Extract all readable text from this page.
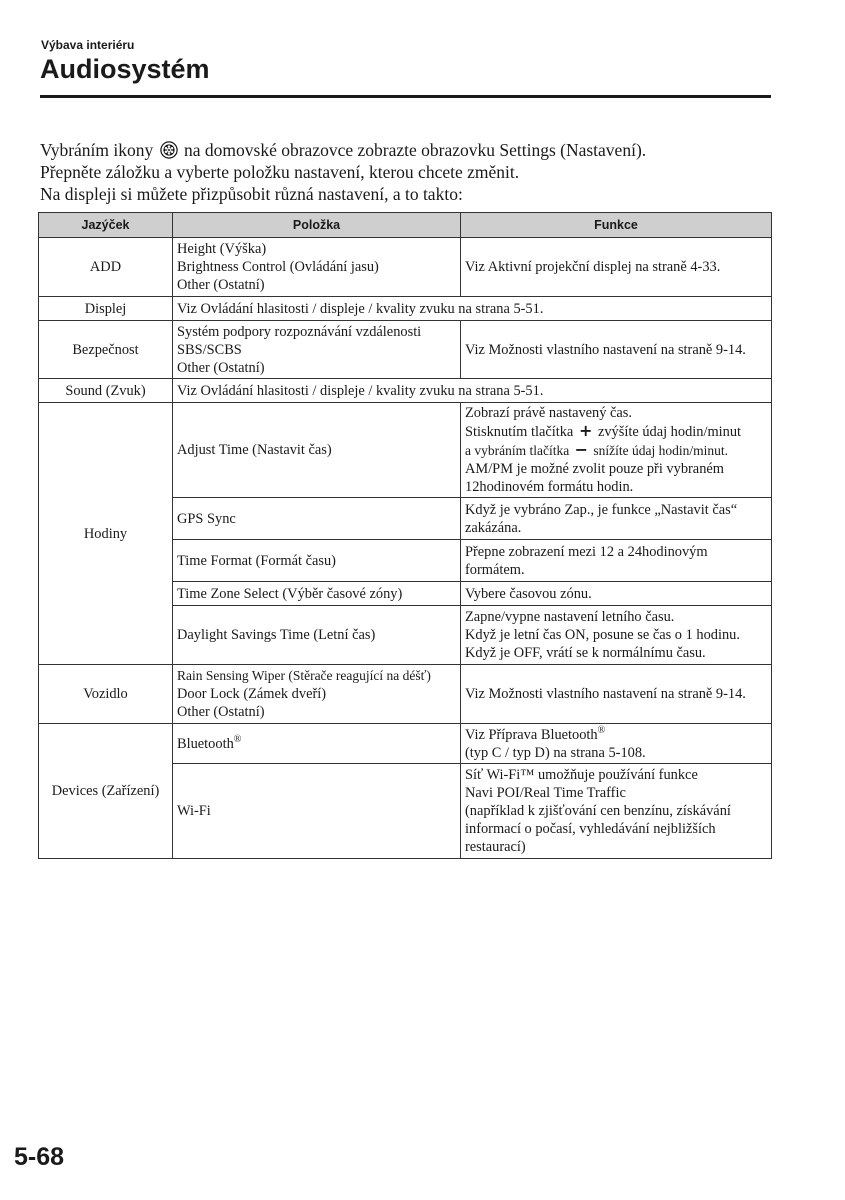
Výbava interiéru
Audiosystém

Vybráním ikony na domovské obrazovce zobrazte obrazovku Settings (Nastavení).

Přepněte záložku a vyberte položku nastavení, kterou chcete změnit.

Na displeji si můžete přizpůsobit různá nastavení, a to takto:

Jazýček	Položka	Funkce
ADD	Height (Výška)
Brightness Control (Ovládání jasu)
Other (Ostatní)	Viz Aktivní projekční displej na straně 4-33.
Displej	Viz Ovládání hlasitosti / displeje / kvality zvuku na strana 5-51.	
Bezpečnost	Systém podpory rozpoznávání vzdálenosti
SBS/SCBS
Other (Ostatní)	Viz Možnosti vlastního nastavení na straně 9-14.
Sound (Zvuk)	Viz Ovládání hlasitosti / displeje / kvality zvuku na strana 5-51.	
Hodiny	Adjust Time (Nastavit čas)	Zobrazí právě nastavený čas.
Stisknutím tlačítka + zvýšíte údaj hodin/minut
a vybráním tlačítka − snížíte údaj hodin/minut.
AM/PM je možné zvolit pouze při vybraném
12hodinovém formátu hodin.

	GPS Sync	Když je vybráno Zap., je funkce „Nastavit čas“
zakázána.

	Time Format (Formát času)	Přepne zobrazení mezi 12 a 24hodinovým
formátem.

	Time Zone Select (Výběr časové zóny)	Vybere časovou zónu.
	Daylight Savings Time (Letní čas)	Zapne/vypne nastavení letního času.
Když je letní čas ON, posune se čas o 1 hodinu.
Když je OFF, vrátí se k normálnímu času.

Vozidlo	Rain Sensing Wiper (Stěrače reagující na déšť)
Door Lock (Zámek dveří)
Other (Ostatní)	Viz Možnosti vlastního nastavení na straně 9-14.
Devices (Zařízení)	Bluetooth®	Viz Příprava Bluetooth®
(typ C / typ D) na strana 5-108.

	Wi-Fi	Síť Wi-Fi™ umožňuje používání funkce
Navi POI/Real Time Traffic
(například k zjišťování cen benzínu, získávání
informací o počasí, vyhledávání nejbližších
restaurací)
5-68
